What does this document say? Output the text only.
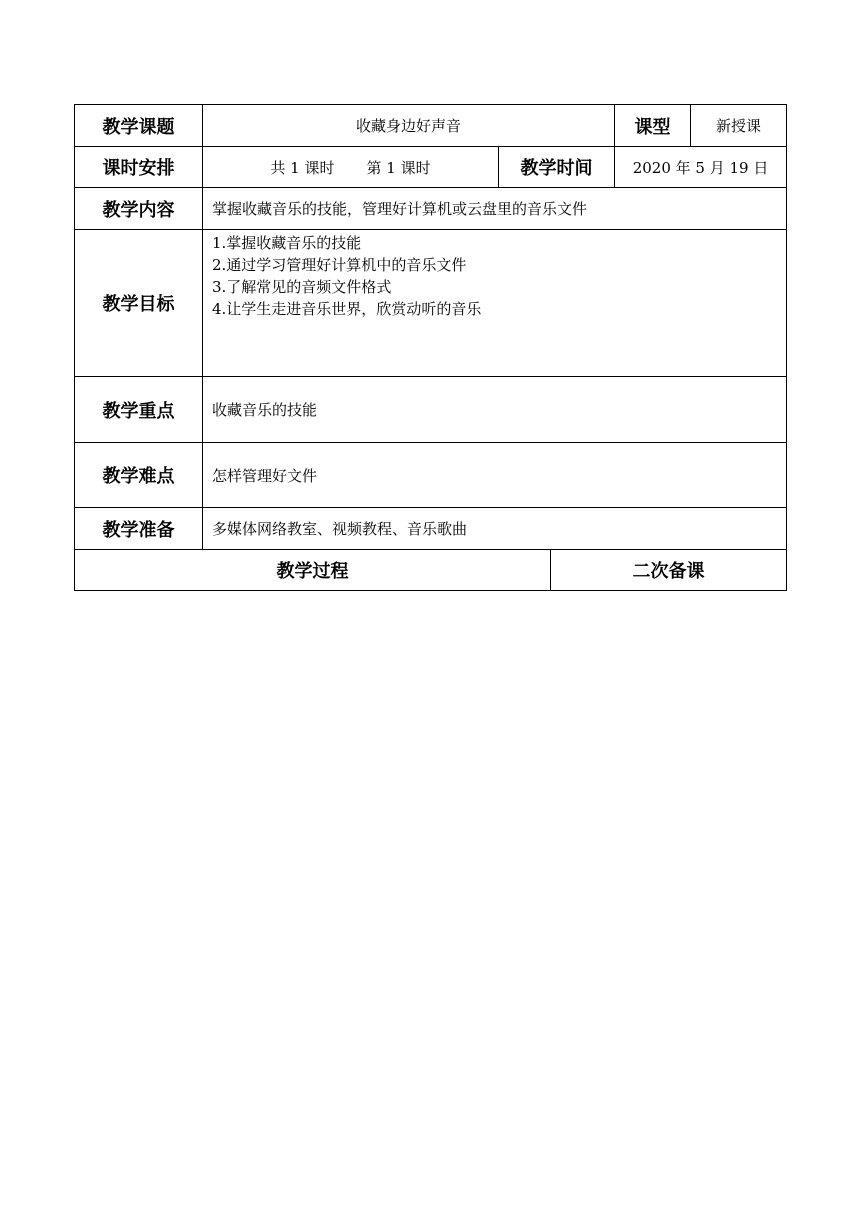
教学课题	收藏身边好声音			课型	新授课
课时安排	共 1 课时 第 1 课时	教学时间		2020 年 5 月 19 日	
教学内容	掌握收藏音乐的技能，管理好计算机或云盘里的音乐文件				
教学目标	1.掌握收藏音乐的技能
2.通过学习管理好计算机中的音乐文件
3.了解常见的音频文件格式
4.让学生走进音乐世界，欣赏动听的音乐				

教学重点	收藏音乐的技能				
教学难点	怎样管理好文件				
教学准备	多媒体网络教室、视频教程、音乐歌曲				
教学过程			二次备课		
